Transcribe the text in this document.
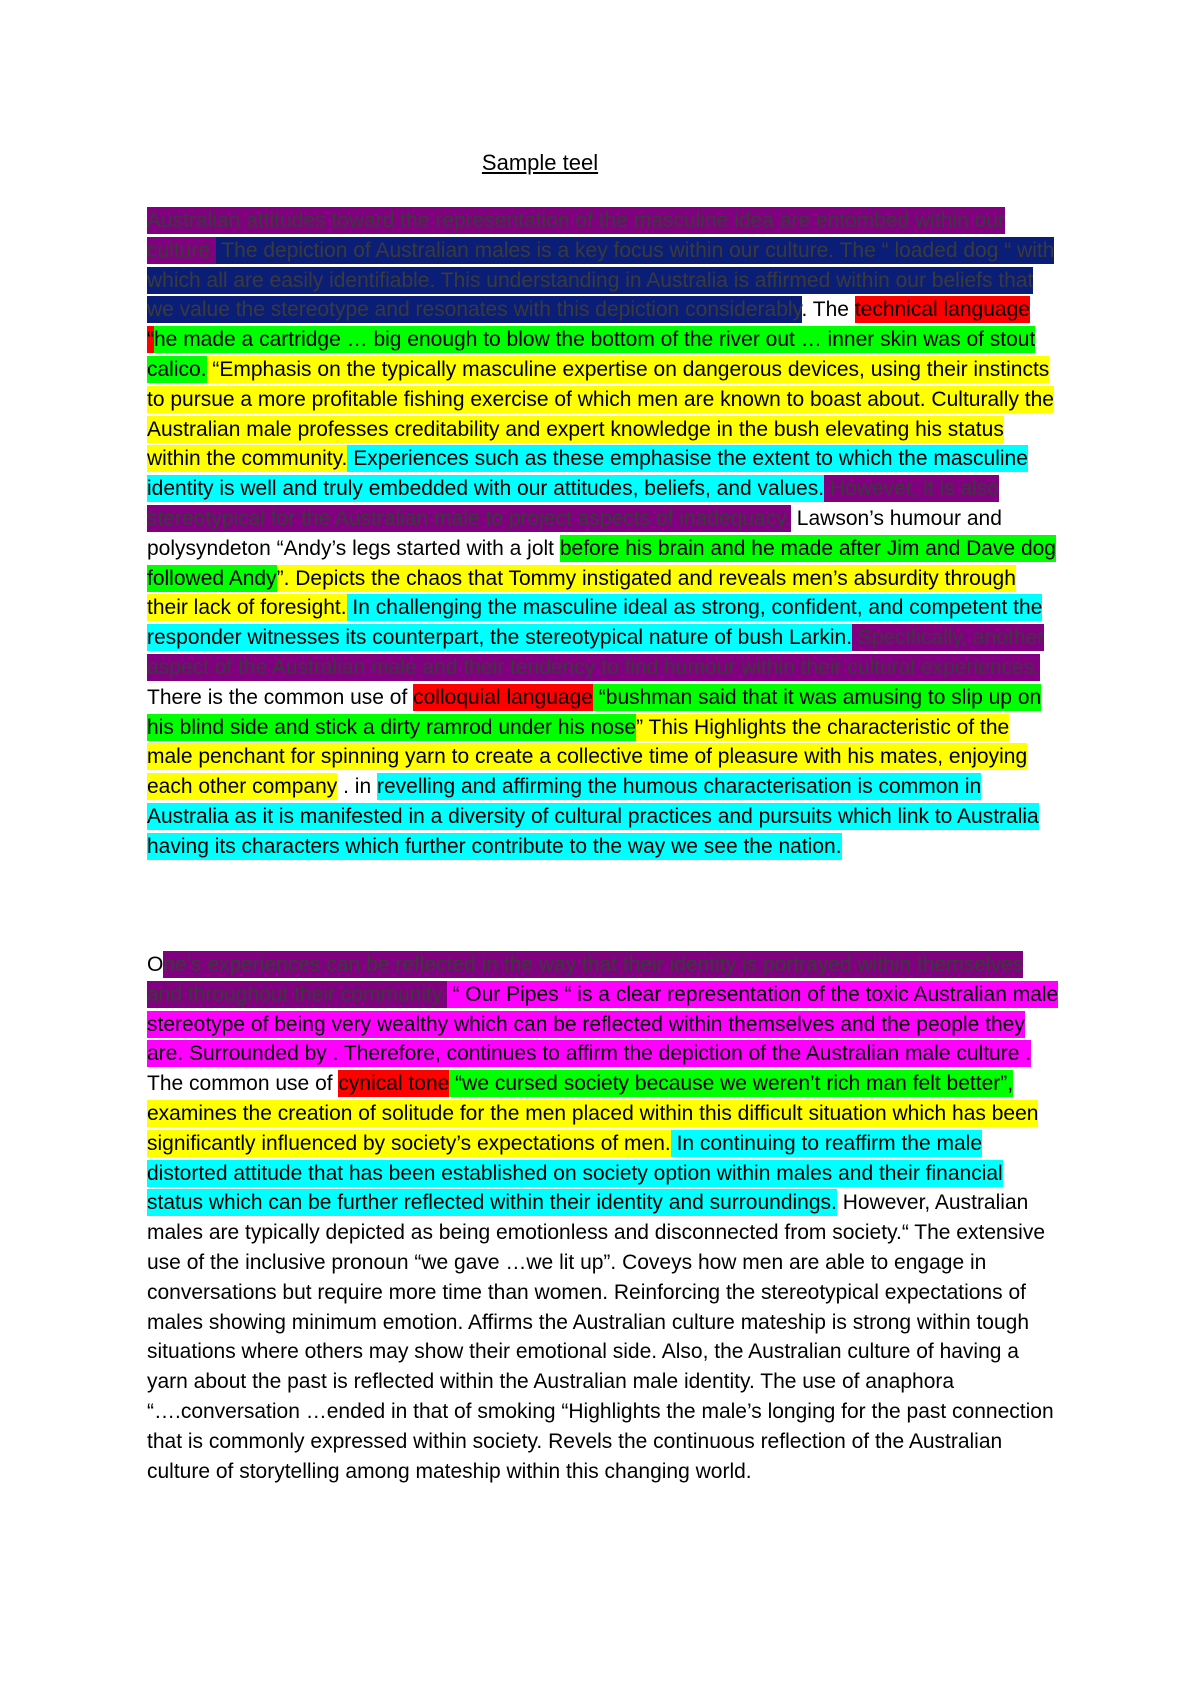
Sample teel

Australian attitudes toward the representation of the masculine idea are entombed within our culture. The depiction of Australian males is a key focus within our culture. The “ loaded dog “ with which all are easily identifiable. This understanding in Australia is affirmed within our beliefs that we value the stereotype and resonates with this depiction considerably. The technical language “he made a cartridge … big enough to blow the bottom of the river out … inner skin was of stout calico. “Emphasis on the typically masculine expertise on dangerous devices, using their instincts to pursue a more profitable fishing exercise of which men are known to boast about. Culturally the Australian male professes creditability and expert knowledge in the bush elevating his status within the community. Experiences such as these emphasise the extent to which the masculine identity is well and truly embedded with our attitudes, beliefs, and values. However, it is also stereotypical for the Australian male to project aspects of inadequacy. Lawson’s humour and polysyndeton “Andy’s legs started with a jolt before his brain and he made after Jim and Dave dog followed Andy”. Depicts the chaos that Tommy instigated and reveals men’s absurdity through their lack of foresight. In challenging the masculine ideal as strong, confident, and competent the responder witnesses its counterpart, the stereotypical nature of bush Larkin. Specifically, another aspect of the Australian male and their tendency to find humour within their cultural experiences. There is the common use of colloquial language “bushman said that it was amusing to slip up on his blind side and stick a dirty ramrod under his nose” This Highlights the characteristic of the male penchant for spinning yarn to create a collective time of pleasure with his mates, enjoying each other company . in revelling and affirming the humous characterisation is common in Australia as it is manifested in a diversity of cultural practices and pursuits which link to Australia having its characters which further contribute to the way we see the nation.

One’s experiences can be reflected in the way that their identity is portrayed within themselves and throughout their community. “ Our Pipes “ is a clear representation of the toxic Australian male stereotype of being very wealthy which can be reflected within themselves and the people they are. Surrounded by . Therefore, continues to affirm the depiction of the Australian male culture . The common use of cynical tone “we cursed society because we weren’t rich man felt better”, examines the creation of solitude for the men placed within this difficult situation which has been significantly influenced by society’s expectations of men. In continuing to reaffirm the male distorted attitude that has been established on society option within males and their financial status which can be further reflected within their identity and surroundings. However, Australian males are typically depicted as being emotionless and disconnected from society.“ The extensive use of the inclusive pronoun “we gave …we lit up”. Coveys how men are able to engage in conversations but require more time than women. Reinforcing the stereotypical expectations of males showing minimum emotion. Affirms the Australian culture mateship is strong within tough situations where others may show their emotional side. Also, the Australian culture of having a yarn about the past is reflected within the Australian male identity. The use of anaphora “….conversation …ended in that of smoking “Highlights the male’s longing for the past connection that is commonly expressed within society. Revels the continuous reflection of the Australian culture of storytelling among mateship within this changing world.
